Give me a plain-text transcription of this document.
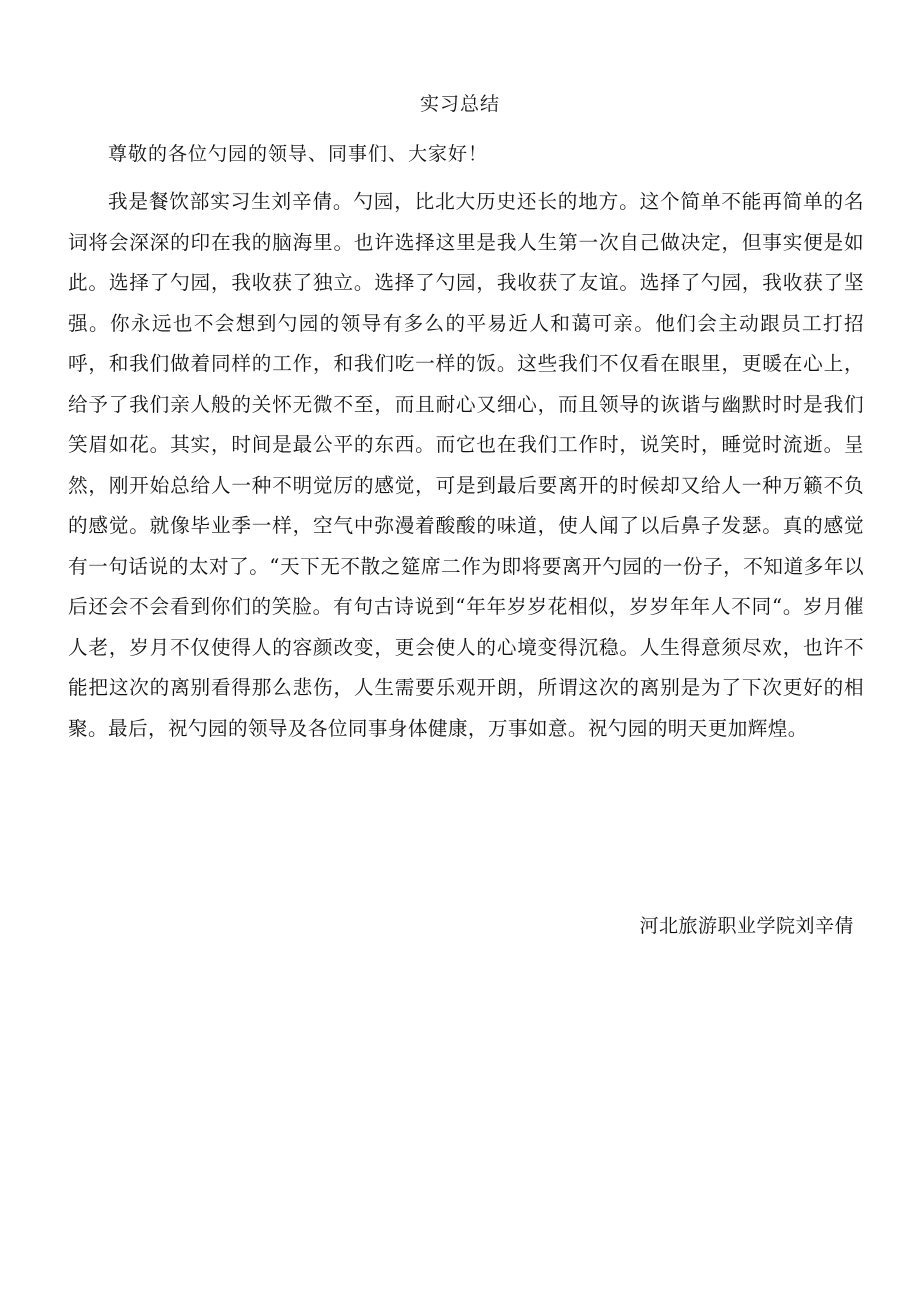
实习总结
尊敬的各位勺园的领导、同事们、大家好！

我是餐饮部实习生刘辛倩。勺园，比北大历史还长的地方。这个简单不能再简单的名词将会深深的印在我的脑海里。也许选择这里是我人生第一次自己做决定，但事实便是如此。选择了勺园，我收获了独立。选择了勺园，我收获了友谊。选择了勺园，我收获了坚强。你永远也不会想到勺园的领导有多么的平易近人和蔼可亲。他们会主动跟员工打招呼，和我们做着同样的工作，和我们吃一样的饭。这些我们不仅看在眼里，更暖在心上，给予了我们亲人般的关怀无微不至，而且耐心又细心，而且领导的诙谐与幽默时时是我们笑眉如花。其实，时间是最公平的东西。而它也在我们工作时，说笑时，睡觉时流逝。呈然，刚开始总给人一种不明觉厉的感觉，可是到最后要离开的时候却又给人一种万籁不负的感觉。就像毕业季一样，空气中弥漫着酸酸的味道，使人闻了以后鼻子发瑟。真的感觉有一句话说的太对了。“天下无不散之筵席二作为即将要离开勺园的一份子，不知道多年以后还会不会看到你们的笑脸。有句古诗说到“年年岁岁花相似，岁岁年年人不同“。岁月催人老，岁月不仅使得人的容颜改变，更会使人的心境变得沉稳。人生得意须尽欢，也许不能把这次的离别看得那么悲伤，人生需要乐观开朗，所谓这次的离别是为了下次更好的相聚。最后，祝勺园的领导及各位同事身体健康，万事如意。祝勺园的明天更加辉煌。

河北旅游职业学院刘辛倩
